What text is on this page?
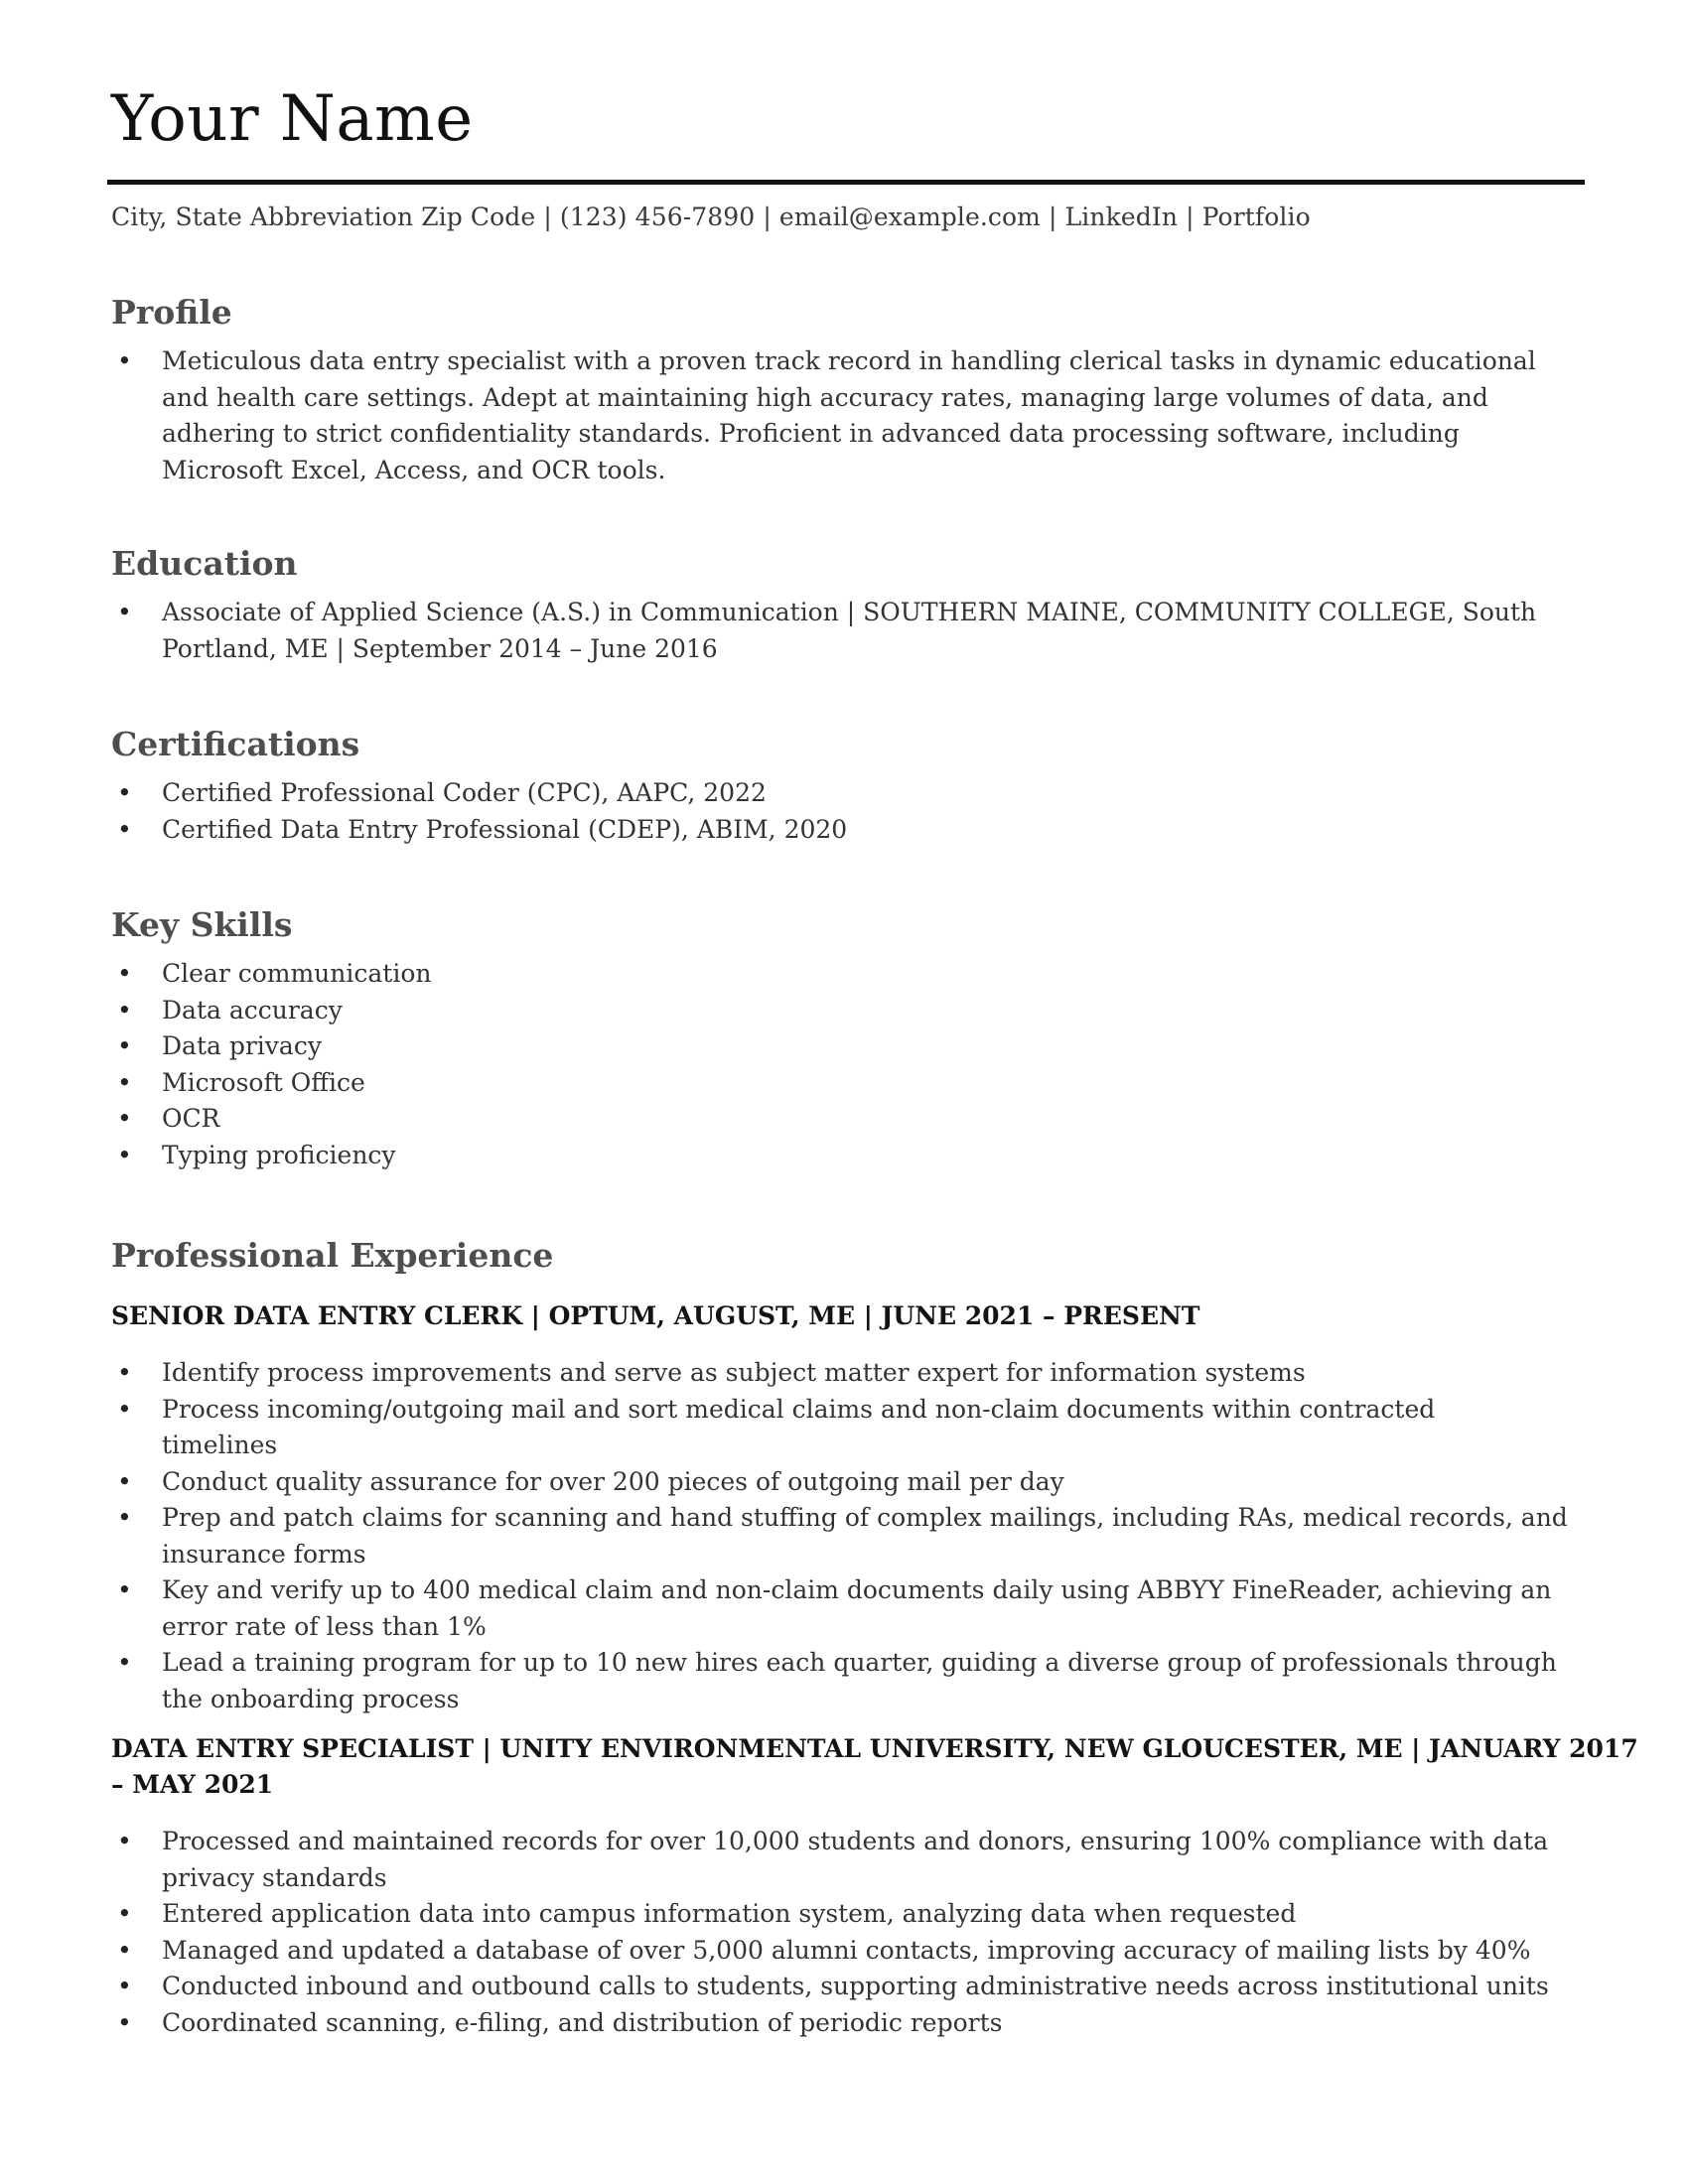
Your Name
City, State Abbreviation Zip Code | (123) 456-7890 | email@example.com | LinkedIn | Portfolio
Profile
• Meticulous data entry specialist with a proven track record in handling clerical tasks in dynamic educational
and health care settings. Adept at maintaining high accuracy rates, managing large volumes of data, and
adhering to strict confidentiality standards. Proficient in advanced data processing software, including
Microsoft Excel, Access, and OCR tools.
Education
• Associate of Applied Science (A.S.) in Communication | SOUTHERN MAINE, COMMUNITY COLLEGE, South
Portland, ME | September 2014 – June 2016
Certifications
• Certified Professional Coder (CPC), AAPC, 2022
• Certified Data Entry Professional (CDEP), ABIM, 2020
Key Skills
• Clear communication
• Data accuracy
• Data privacy
• Microsoft Office
• OCR
• Typing proficiency
Professional Experience
SENIOR DATA ENTRY CLERK | OPTUM, AUGUST, ME | JUNE 2021 – PRESENT
• Identify process improvements and serve as subject matter expert for information systems
• Process incoming/outgoing mail and sort medical claims and non-claim documents within contracted
timelines
• Conduct quality assurance for over 200 pieces of outgoing mail per day
• Prep and patch claims for scanning and hand stuffing of complex mailings, including RAs, medical records, and
insurance forms
• Key and verify up to 400 medical claim and non-claim documents daily using ABBYY FineReader, achieving an
error rate of less than 1%
• Lead a training program for up to 10 new hires each quarter, guiding a diverse group of professionals through
the onboarding process
DATA ENTRY SPECIALIST | UNITY ENVIRONMENTAL UNIVERSITY, NEW GLOUCESTER, ME | JANUARY 2017
– MAY 2021
• Processed and maintained records for over 10,000 students and donors, ensuring 100% compliance with data
privacy standards
• Entered application data into campus information system, analyzing data when requested
• Managed and updated a database of over 5,000 alumni contacts, improving accuracy of mailing lists by 40%
• Conducted inbound and outbound calls to students, supporting administrative needs across institutional units
• Coordinated scanning, e-filing, and distribution of periodic reports
